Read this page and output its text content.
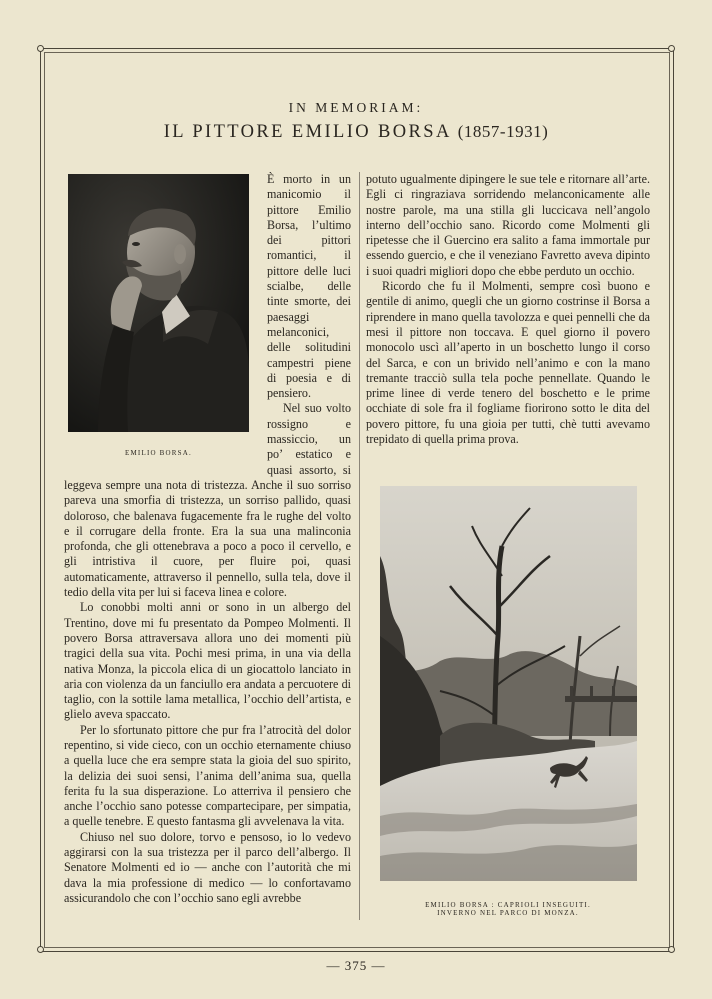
IN MEMORIAM:
IL PITTORE EMILIO BORSA (1857-1931)

È morto in un manicomio il pittore Emilio Borsa, l’ultimo dei pittori romantici, il pittore delle luci scialbe, delle tinte smorte, dei paesaggi melanconici, delle solitudini campestri piene di poesia e di pensiero.

Nel suo volto rossigno e massiccio, un po’ estatico e quasi assorto, si leggeva sempre una nota di tristezza. Anche il suo sorriso pareva una smorfia di tristezza, un sorriso pallido, quasi doloroso, che balenava fugacemente fra le rughe del volto e il corrugare della fronte. Era la sua una malinconia profonda, che gli ottenebrava a poco a poco il cervello, e gli intristiva il cuore, per fluire poi, quasi automaticamente, attraverso il pennello, sulla tela, dove il tedio della vita per lui si faceva linea e colore.

Lo conobbi molti anni or sono in un albergo del Trentino, dove mi fu presentato da Pompeo Molmenti. Il povero Borsa attraversava allora uno dei momenti più tragici della sua vita. Pochi mesi prima, in una via della nativa Monza, la piccola elica di un giocattolo lanciato in aria con violenza da un fanciullo era andata a percuotere di taglio, con la sottile lama metallica, l’occhio dell’artista, e glielo aveva spaccato.

Per lo sfortunato pittore che pur fra l’atrocità del dolor repentino, si vide cieco, con un occhio eternamente chiuso a quella luce che era sempre stata la gioia del suo spirito, la delizia dei suoi sensi, l’anima dell’anima sua, quella ferita fu la sua disperazione. Lo atterriva il pensiero che anche l’occhio sano potesse compartecipare, per simpatia, a quelle tenebre. E questo fantasma gli avvelenava la vita.

Chiuso nel suo dolore, torvo e pensoso, io lo vedevo aggirarsi con la sua tristezza per il parco dell’albergo. Il Senatore Molmenti ed io — anche con l’autorità che mi dava la mia professione di medico — lo confortavamo assicurandolo che con l’occhio sano egli avrebbe

EMILIO BORSA.

potuto ugualmente dipingere le sue tele e ritornare all’arte. Egli ci ringraziava sorridendo melanconicamente alle nostre parole, ma una stilla gli luccicava nell’angolo interno dell’occhio sano. Ricordo come Molmenti gli ripetesse che il Guercino era salito a fama immortale pur essendo guercio, e che il veneziano Favretto aveva dipinto i suoi quadri migliori dopo che ebbe perduto un occhio.

Ricordo che fu il Molmenti, sempre così buono e gentile di animo, quegli che un giorno costrinse il Borsa a riprendere in mano quella tavolozza e quei pennelli che da mesi il pittore non toccava. E quel giorno il povero monocolo uscì all’aperto in un boschetto lungo il corso del Sarca, e con un brivido nell’animo e con la mano tremante tracciò sulla tela poche pennellate. Quando le prime linee di verde tenero del boschetto e le prime occhiate di sole fra il fogliame fiorirono sotto le dita del povero pittore, fu una gioia per tutti, chè tutti avevamo trepidato di quella prima prova.

EMILIO BORSA : CAPRIOLI INSEGUITI.
INVERNO NEL PARCO DI MONZA.
— 375 —
